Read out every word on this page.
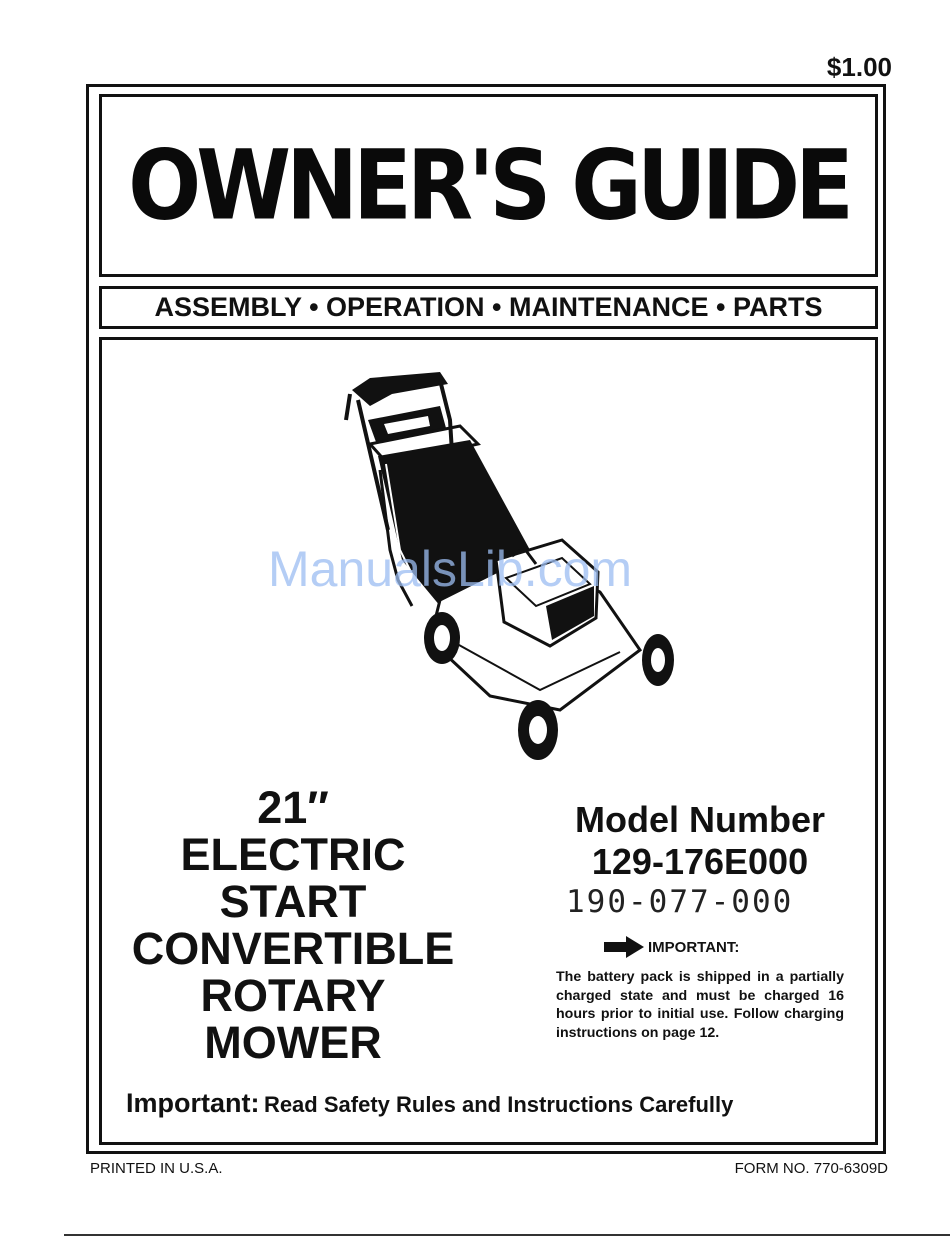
$1.00
OWNER'S GUIDE
ASSEMBLY • OPERATION • MAINTENANCE • PARTS
ManualsLib.com
21″
ELECTRIC
START
CONVERTIBLE
ROTARY
MOWER
Model Number
129-176E000
190-077-000
IMPORTANT:
The battery pack is shipped in a partially charged state and must be charged 16 hours prior to initial use. Follow charging instructions on page 12.
Important: Read Safety Rules and Instructions Carefully
PRINTED IN U.S.A.	FORM NO. 770-6309D
